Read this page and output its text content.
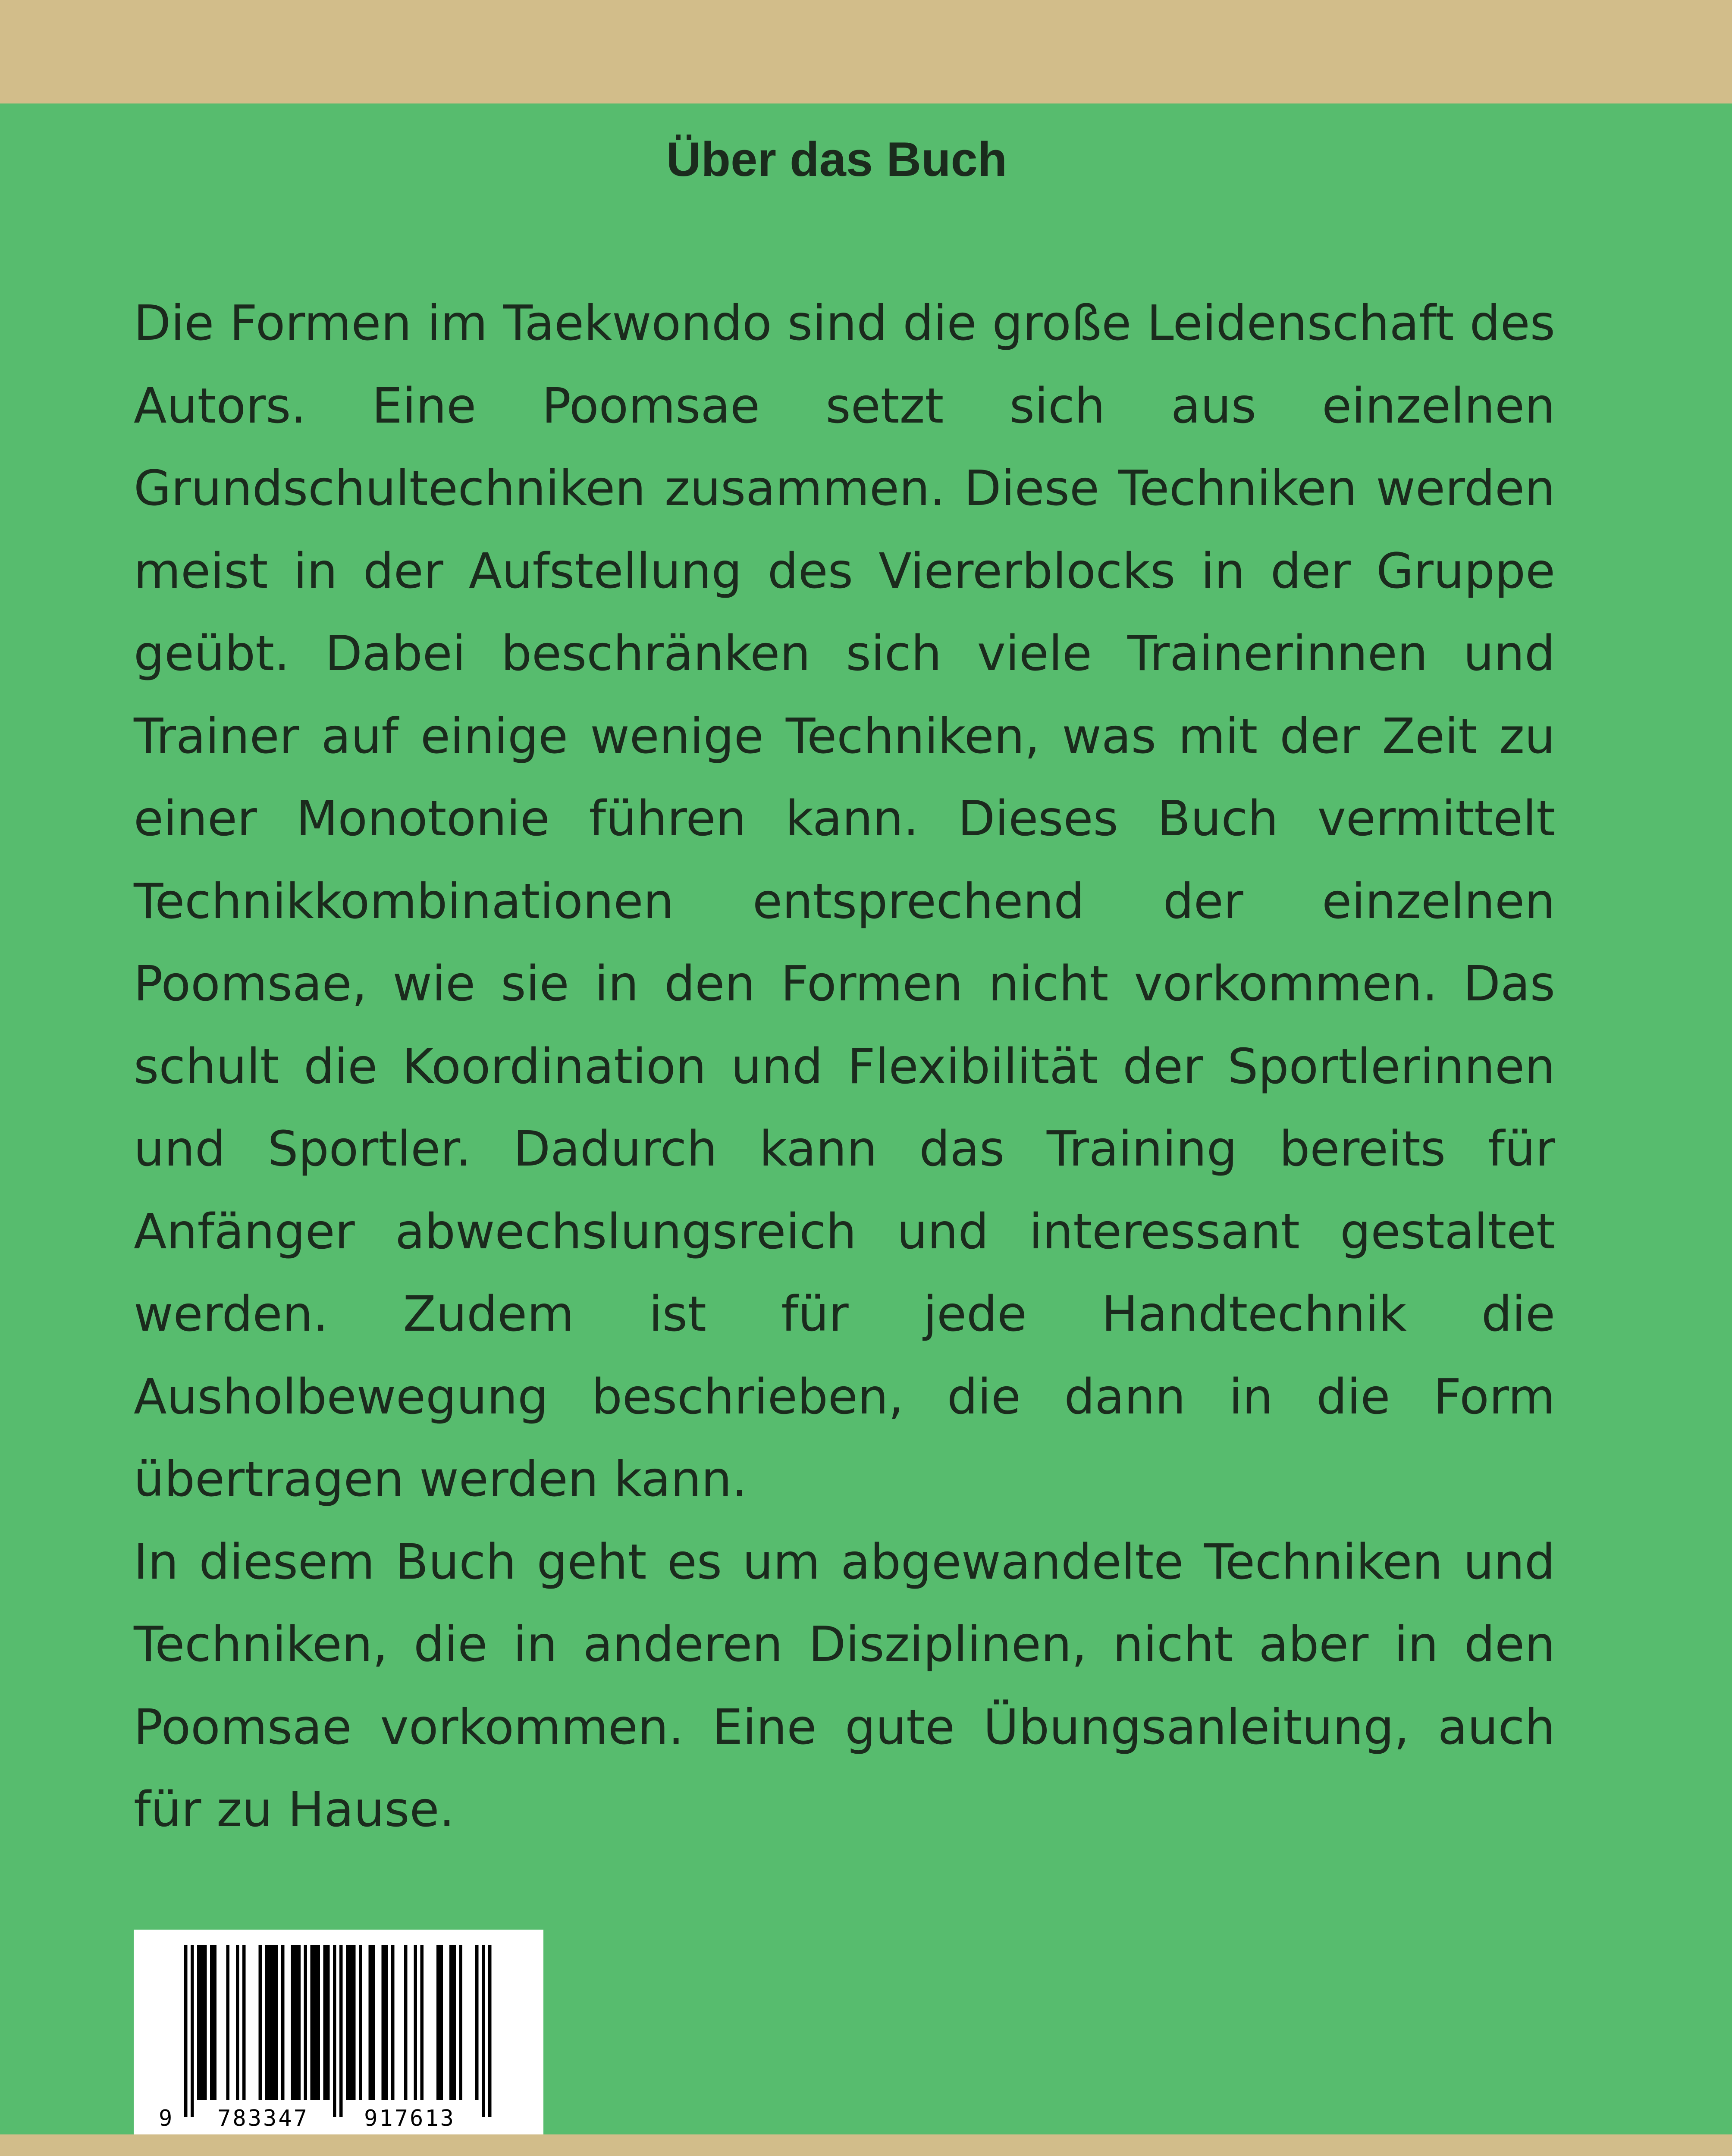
Über das Buch

Die Formen im Taekwondo sind die große Leidenschaft des Autors. Eine Poomsae setzt sich aus einzelnen Grundschultechniken zusammen. Diese Techniken werden meist in der Aufstellung des Viererblocks in der Gruppe geübt. Dabei beschränken sich viele Trainerinnen und Trainer auf einige wenige Techniken, was mit der Zeit zu einer Monotonie führen kann. Dieses Buch vermittelt Technikkombinationen entsprechend der einzelnen Poomsae, wie sie in den Formen nicht vorkommen. Das schult die Koordination und Flexibilität der Sportlerinnen und Sportler. Dadurch kann das Training bereits für Anfänger abwechslungsreich und interessant gestaltet werden. Zudem ist für jede Handtechnik die Ausholbewegung beschrieben, die dann in die Form übertragen werden kann.

In diesem Buch geht es um abgewandelte Techniken und Techniken, die in anderen Disziplinen, nicht aber in den Poomsae vorkommen. Eine gute Übungsanleitung, auch für zu Hause.

9 783347 917613
